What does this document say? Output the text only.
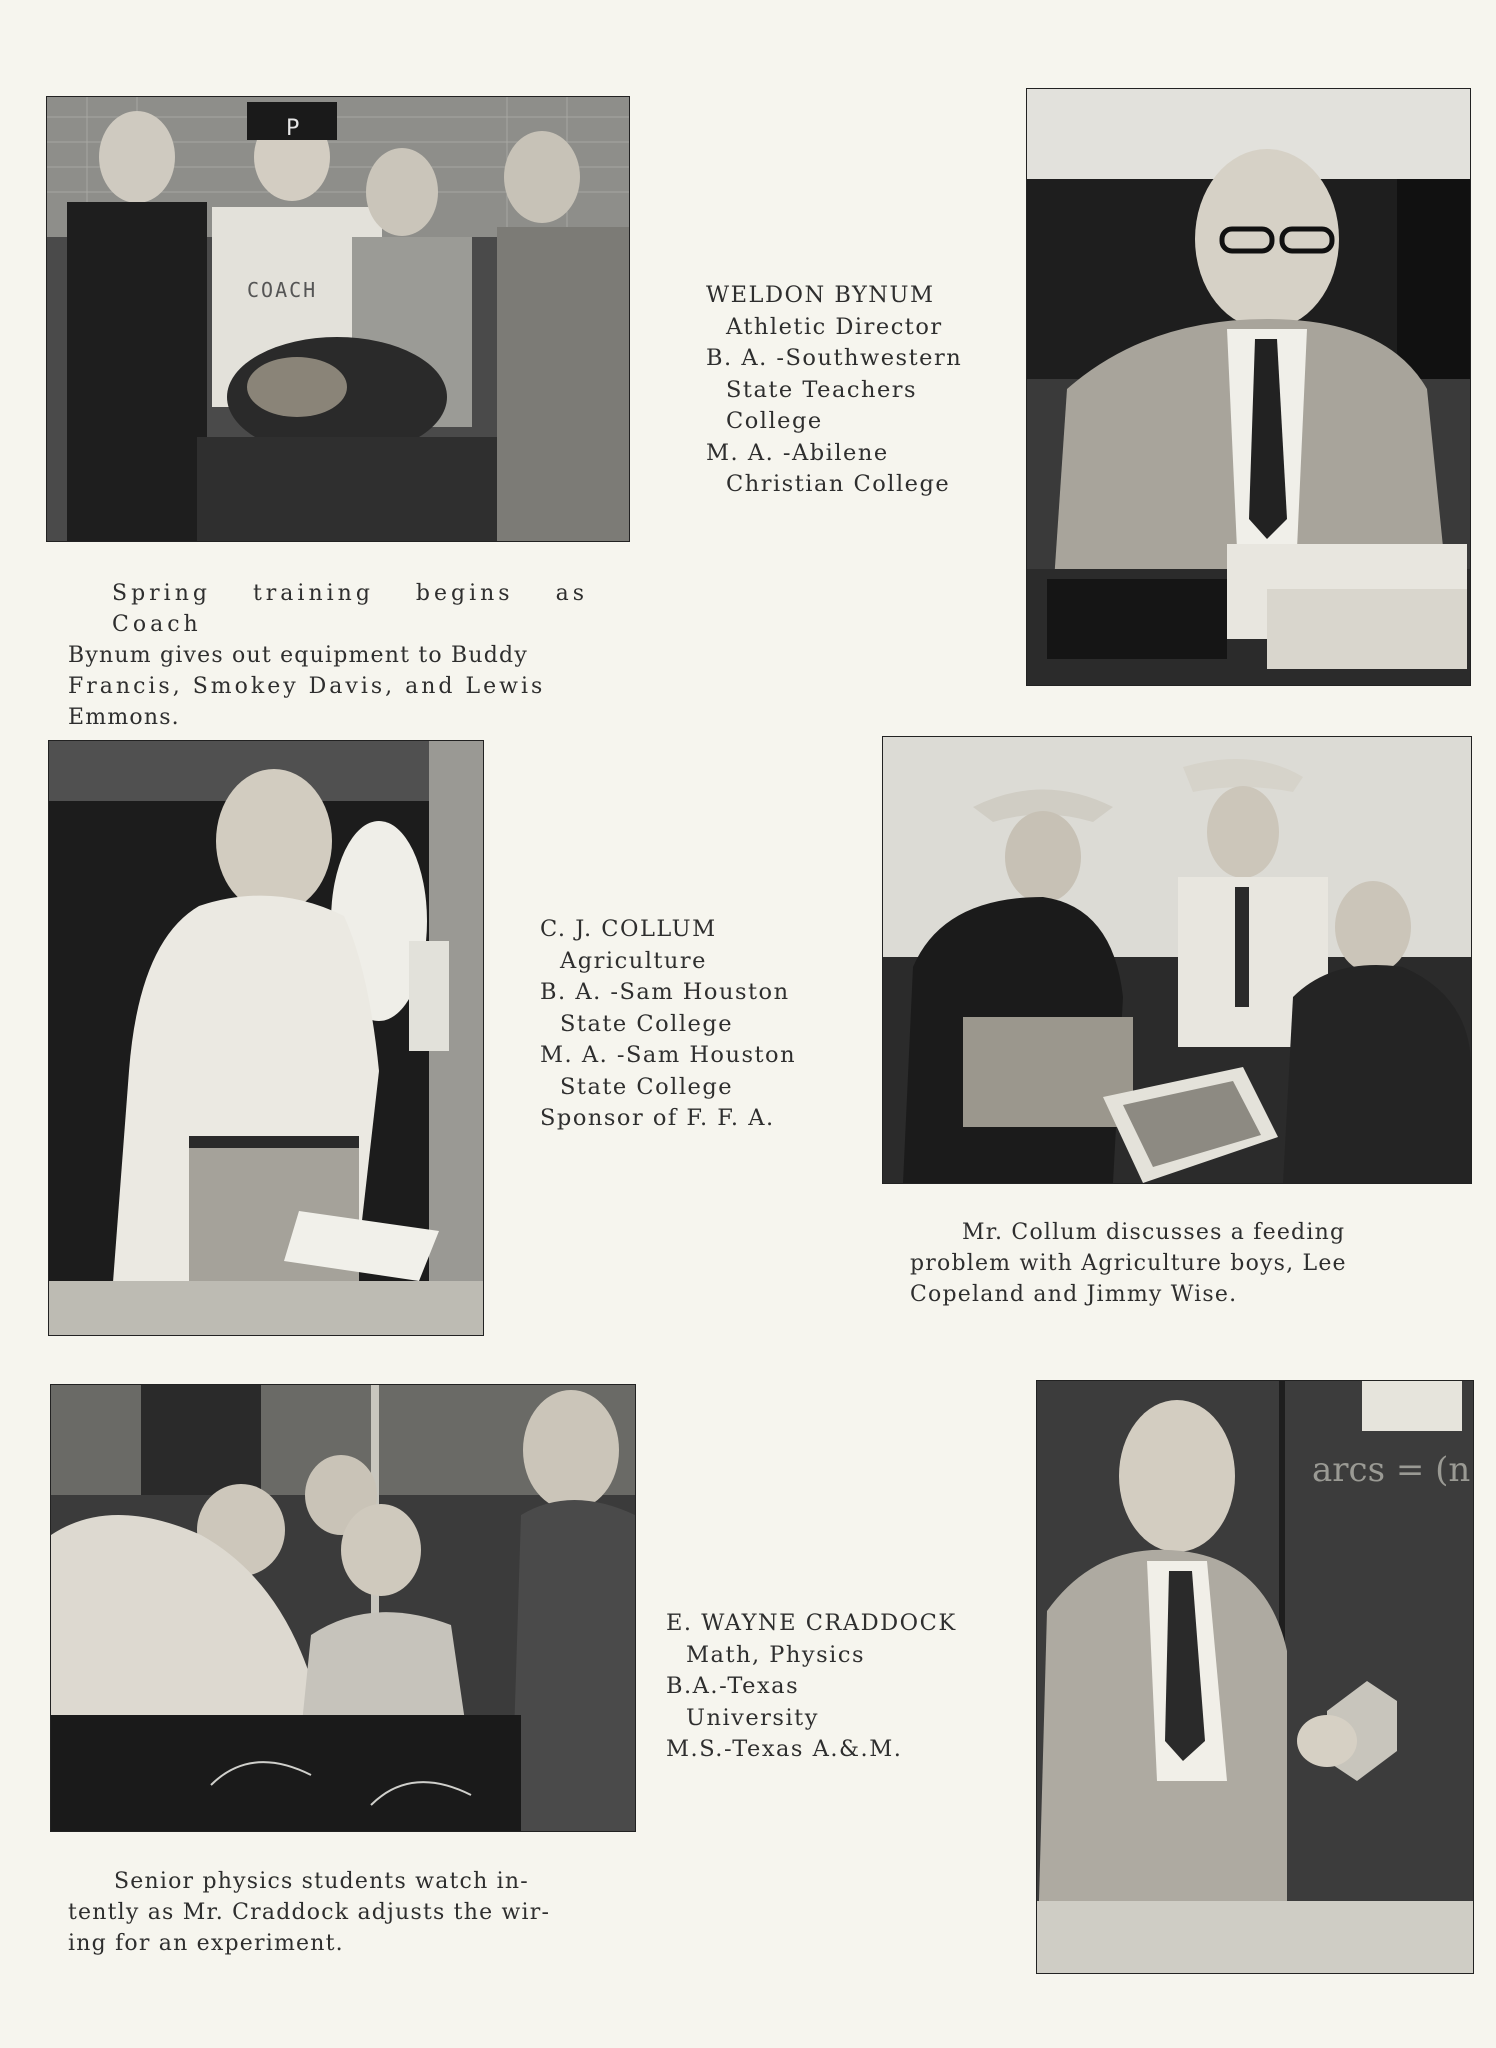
P
COACH	WELDON BYNUM
Athletic Director
B. A. -Southwestern
State Teachers
College
M. A. -Abilene
Christian College
Spring training begins as Coach
Bynum gives out equipment to Buddy
Francis, Smokey Davis, and Lewis
Emmons.
C. J. COLLUM
Agriculture
B. A. -Sam Houston
State College
M. A. -Sam Houston
State College
Sponsor of F. F. A.
Mr. Collum discusses a feeding
problem with Agriculture boys, Lee
Copeland and Jimmy Wise.
E. WAYNE CRADDOCK
Math, Physics
B.A.-Texas
University
M.S.-Texas A.&.M.
arcs = (n
Senior physics students watch in-
tently as Mr. Craddock adjusts the wir-
ing for an experiment.
